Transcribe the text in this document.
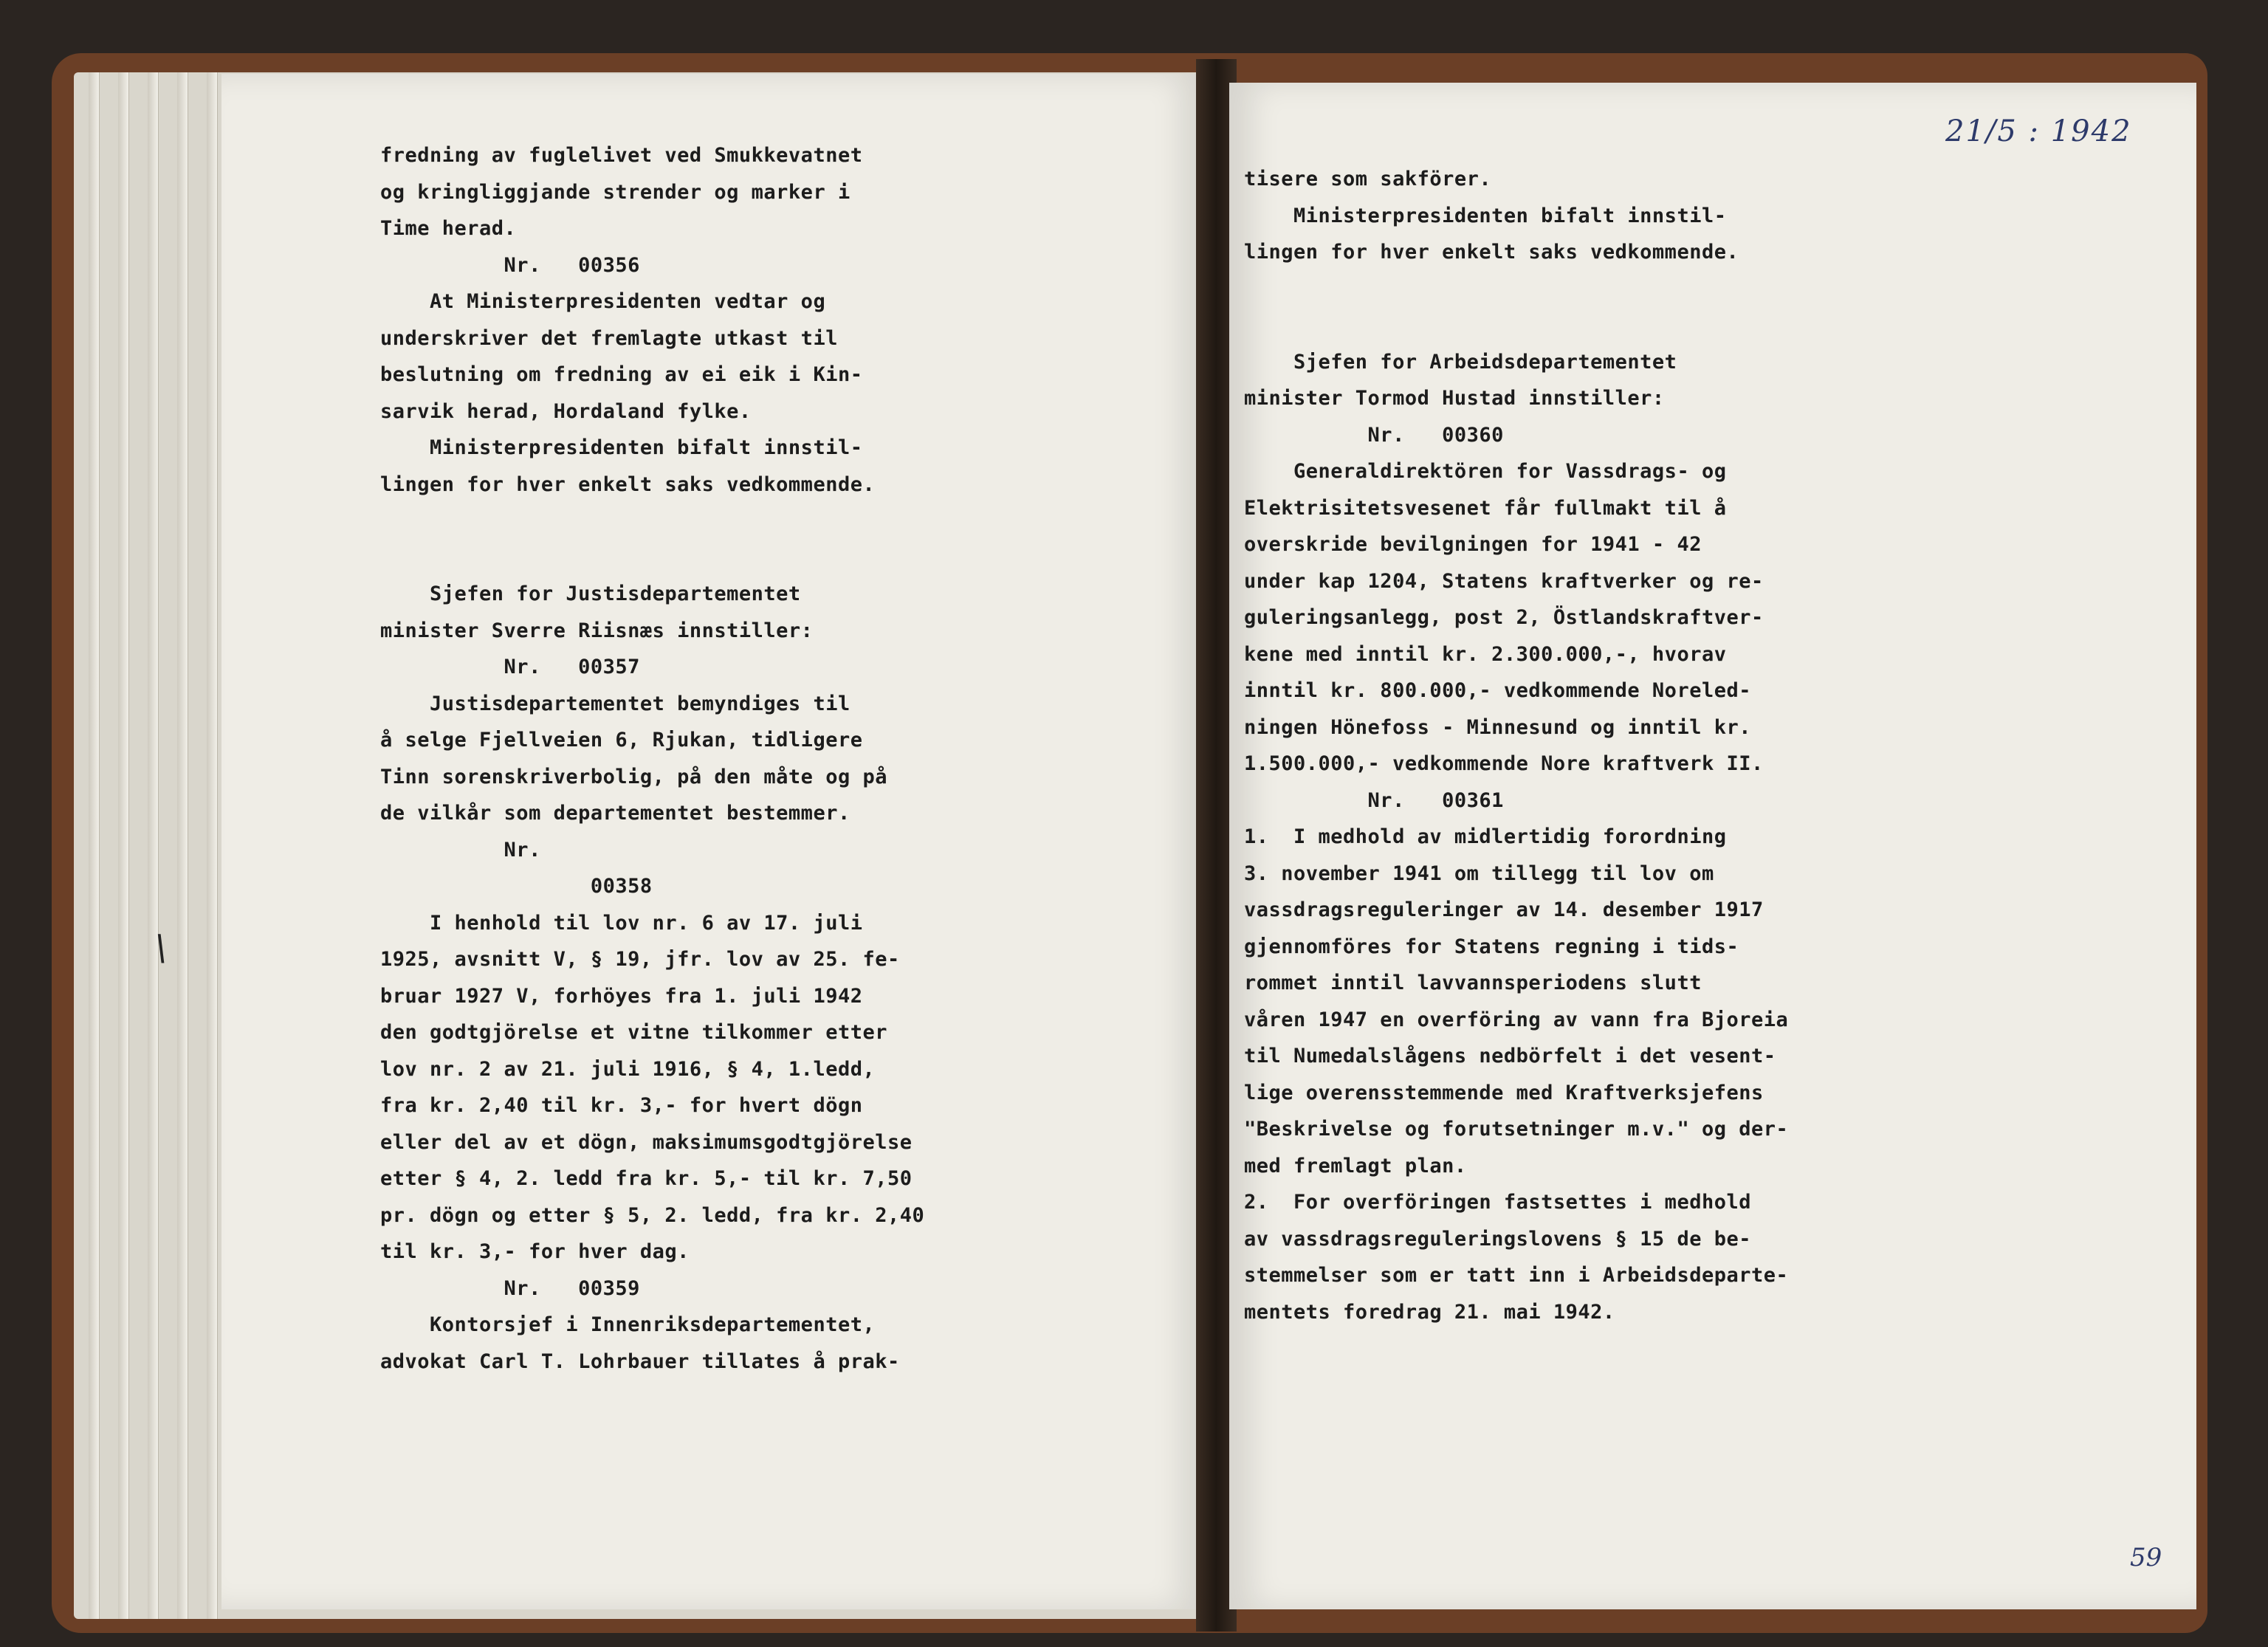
\
fredning av fuglelivet ved Smukkevatnet
og kringliggjande strender og marker i
Time herad.
Nr.   00356
At Ministerpresidenten vedtar og
underskriver det fremlagte utkast til
beslutning om fredning av ei eik i Kin-
sarvik herad, Hordaland fylke.
Ministerpresidenten bifalt innstil-
lingen for hver enkelt saks vedkommende.
Sjefen for Justisdepartementet
minister Sverre Riisnæs innstiller:
Nr.   00357
Justisdepartementet bemyndiges til
å selge Fjellveien 6, Rjukan, tidligere
Tinn sorenskriverbolig, på den måte og på
de vilkår som departementet bestemmer.
Nr.
00358
I henhold til lov nr. 6 av 17. juli
1925, avsnitt V, § 19, jfr. lov av 25. fe-
bruar 1927 V, forhöyes fra 1. juli 1942
den godtgjörelse et vitne tilkommer etter
lov nr. 2 av 21. juli 1916, § 4, 1.ledd,
fra kr. 2,40 til kr. 3,- for hvert dögn
eller del av et dögn, maksimumsgodtgjörelse
etter § 4, 2. ledd fra kr. 5,- til kr. 7,50
pr. dögn og etter § 5, 2. ledd, fra kr. 2,40
til kr. 3,- for hver dag.
Nr.   00359
Kontorsjef i Innenriksdepartementet,
advokat Carl T. Lohrbauer tillates å prak-
tisere som sakförer.
Ministerpresidenten bifalt innstil-
lingen for hver enkelt saks vedkommende.
Sjefen for Arbeidsdepartementet
minister Tormod Hustad innstiller:
Nr.   00360
Generaldirektören for Vassdrags- og
Elektrisitetsvesenet får fullmakt til å
overskride bevilgningen for 1941 - 42
under kap 1204, Statens kraftverker og re-
guleringsanlegg, post 2, Östlandskraftver-
kene med inntil kr. 2.300.000,-, hvorav
inntil kr. 800.000,- vedkommende Noreled-
ningen Hönefoss - Minnesund og inntil kr.
1.500.000,- vedkommende Nore kraftverk II.
Nr.   00361
1.  I medhold av midlertidig forordning
3. november 1941 om tillegg til lov om
vassdragsreguleringer av 14. desember 1917
gjennomföres for Statens regning i tids-
rommet inntil lavvannsperiodens slutt
våren 1947 en overföring av vann fra Bjoreia
til Numedalslågens nedbörfelt i det vesent-
lige overensstemmende med Kraftverksjefens
"Beskrivelse og forutsetninger m.v." og der-
med fremlagt plan.
2.  For overföringen fastsettes i medhold
av vassdragsreguleringslovens § 15 de be-
stemmelser som er tatt inn i Arbeidsdeparte-
mentets foredrag 21. mai 1942.
21/5 : 1942
59
